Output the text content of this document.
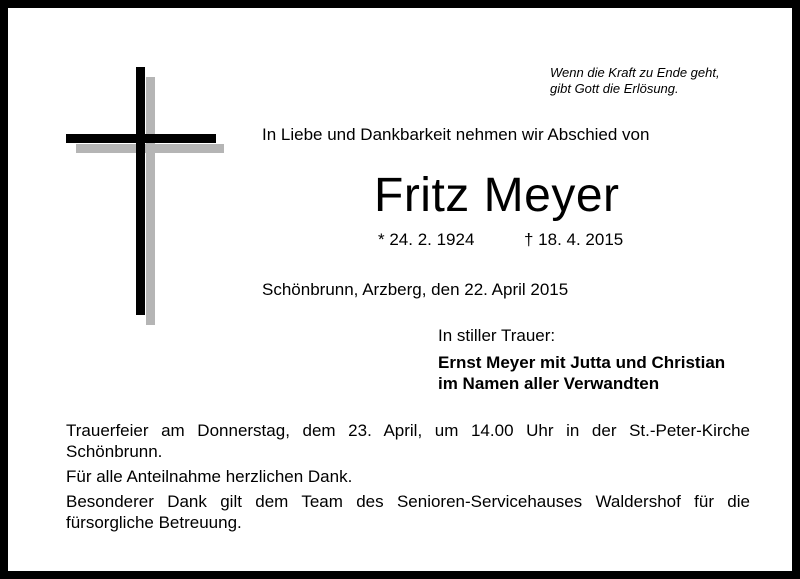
Wenn die Kraft zu Ende geht,
gibt Gott die Erlösung.
In Liebe und Dankbarkeit nehmen wir Abschied von
Fritz Meyer
* 24. 2. 1924	† 18. 4. 2015
Schönbrunn, Arzberg, den 22. April 2015
In stiller Trauer:
Ernst Meyer mit Jutta und Christian
im Namen aller Verwandten

Trauerfeier am Donnerstag, dem 23. April, um 14.00 Uhr in der St.-Peter-Kirche Schönbrunn.

Für alle Anteilnahme herzlichen Dank.

Besonderer Dank gilt dem Team des Senioren-Servicehauses Waldershof für die fürsorgliche Betreuung.
